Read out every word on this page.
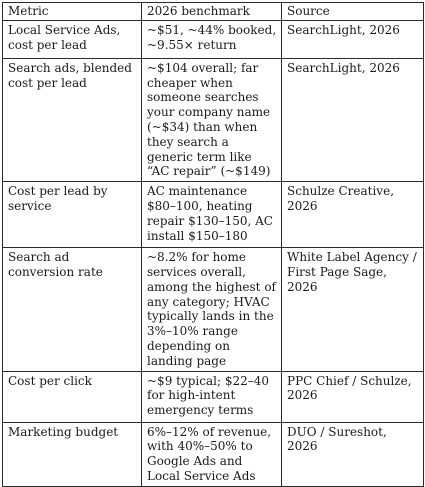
Metric	2026 benchmark	Source
Local Service Ads, cost per lead	~$51, ~44% booked, ~9.55× return	SearchLight, 2026
Search ads, blended cost per lead	~$104 overall; far cheaper when someone searches your company name (~$34) than when they search a generic term like “AC repair” (~$149)	SearchLight, 2026
Cost per lead by service	AC maintenance $80–100, heating repair $130–150, AC install $150–180	Schulze Creative, 2026
Search ad conversion rate	~8.2% for home services overall, among the highest of any category; HVAC typically lands in the 3%–10% range depending on landing page	White Label Agency / First Page Sage, 2026
Cost per click	~$9 typical; $22–40 for high-intent emergency terms	PPC Chief / Schulze, 2026
Marketing budget	6%–12% of revenue, with 40%–50% to Google Ads and Local Service Ads	DUO / Sureshot, 2026
